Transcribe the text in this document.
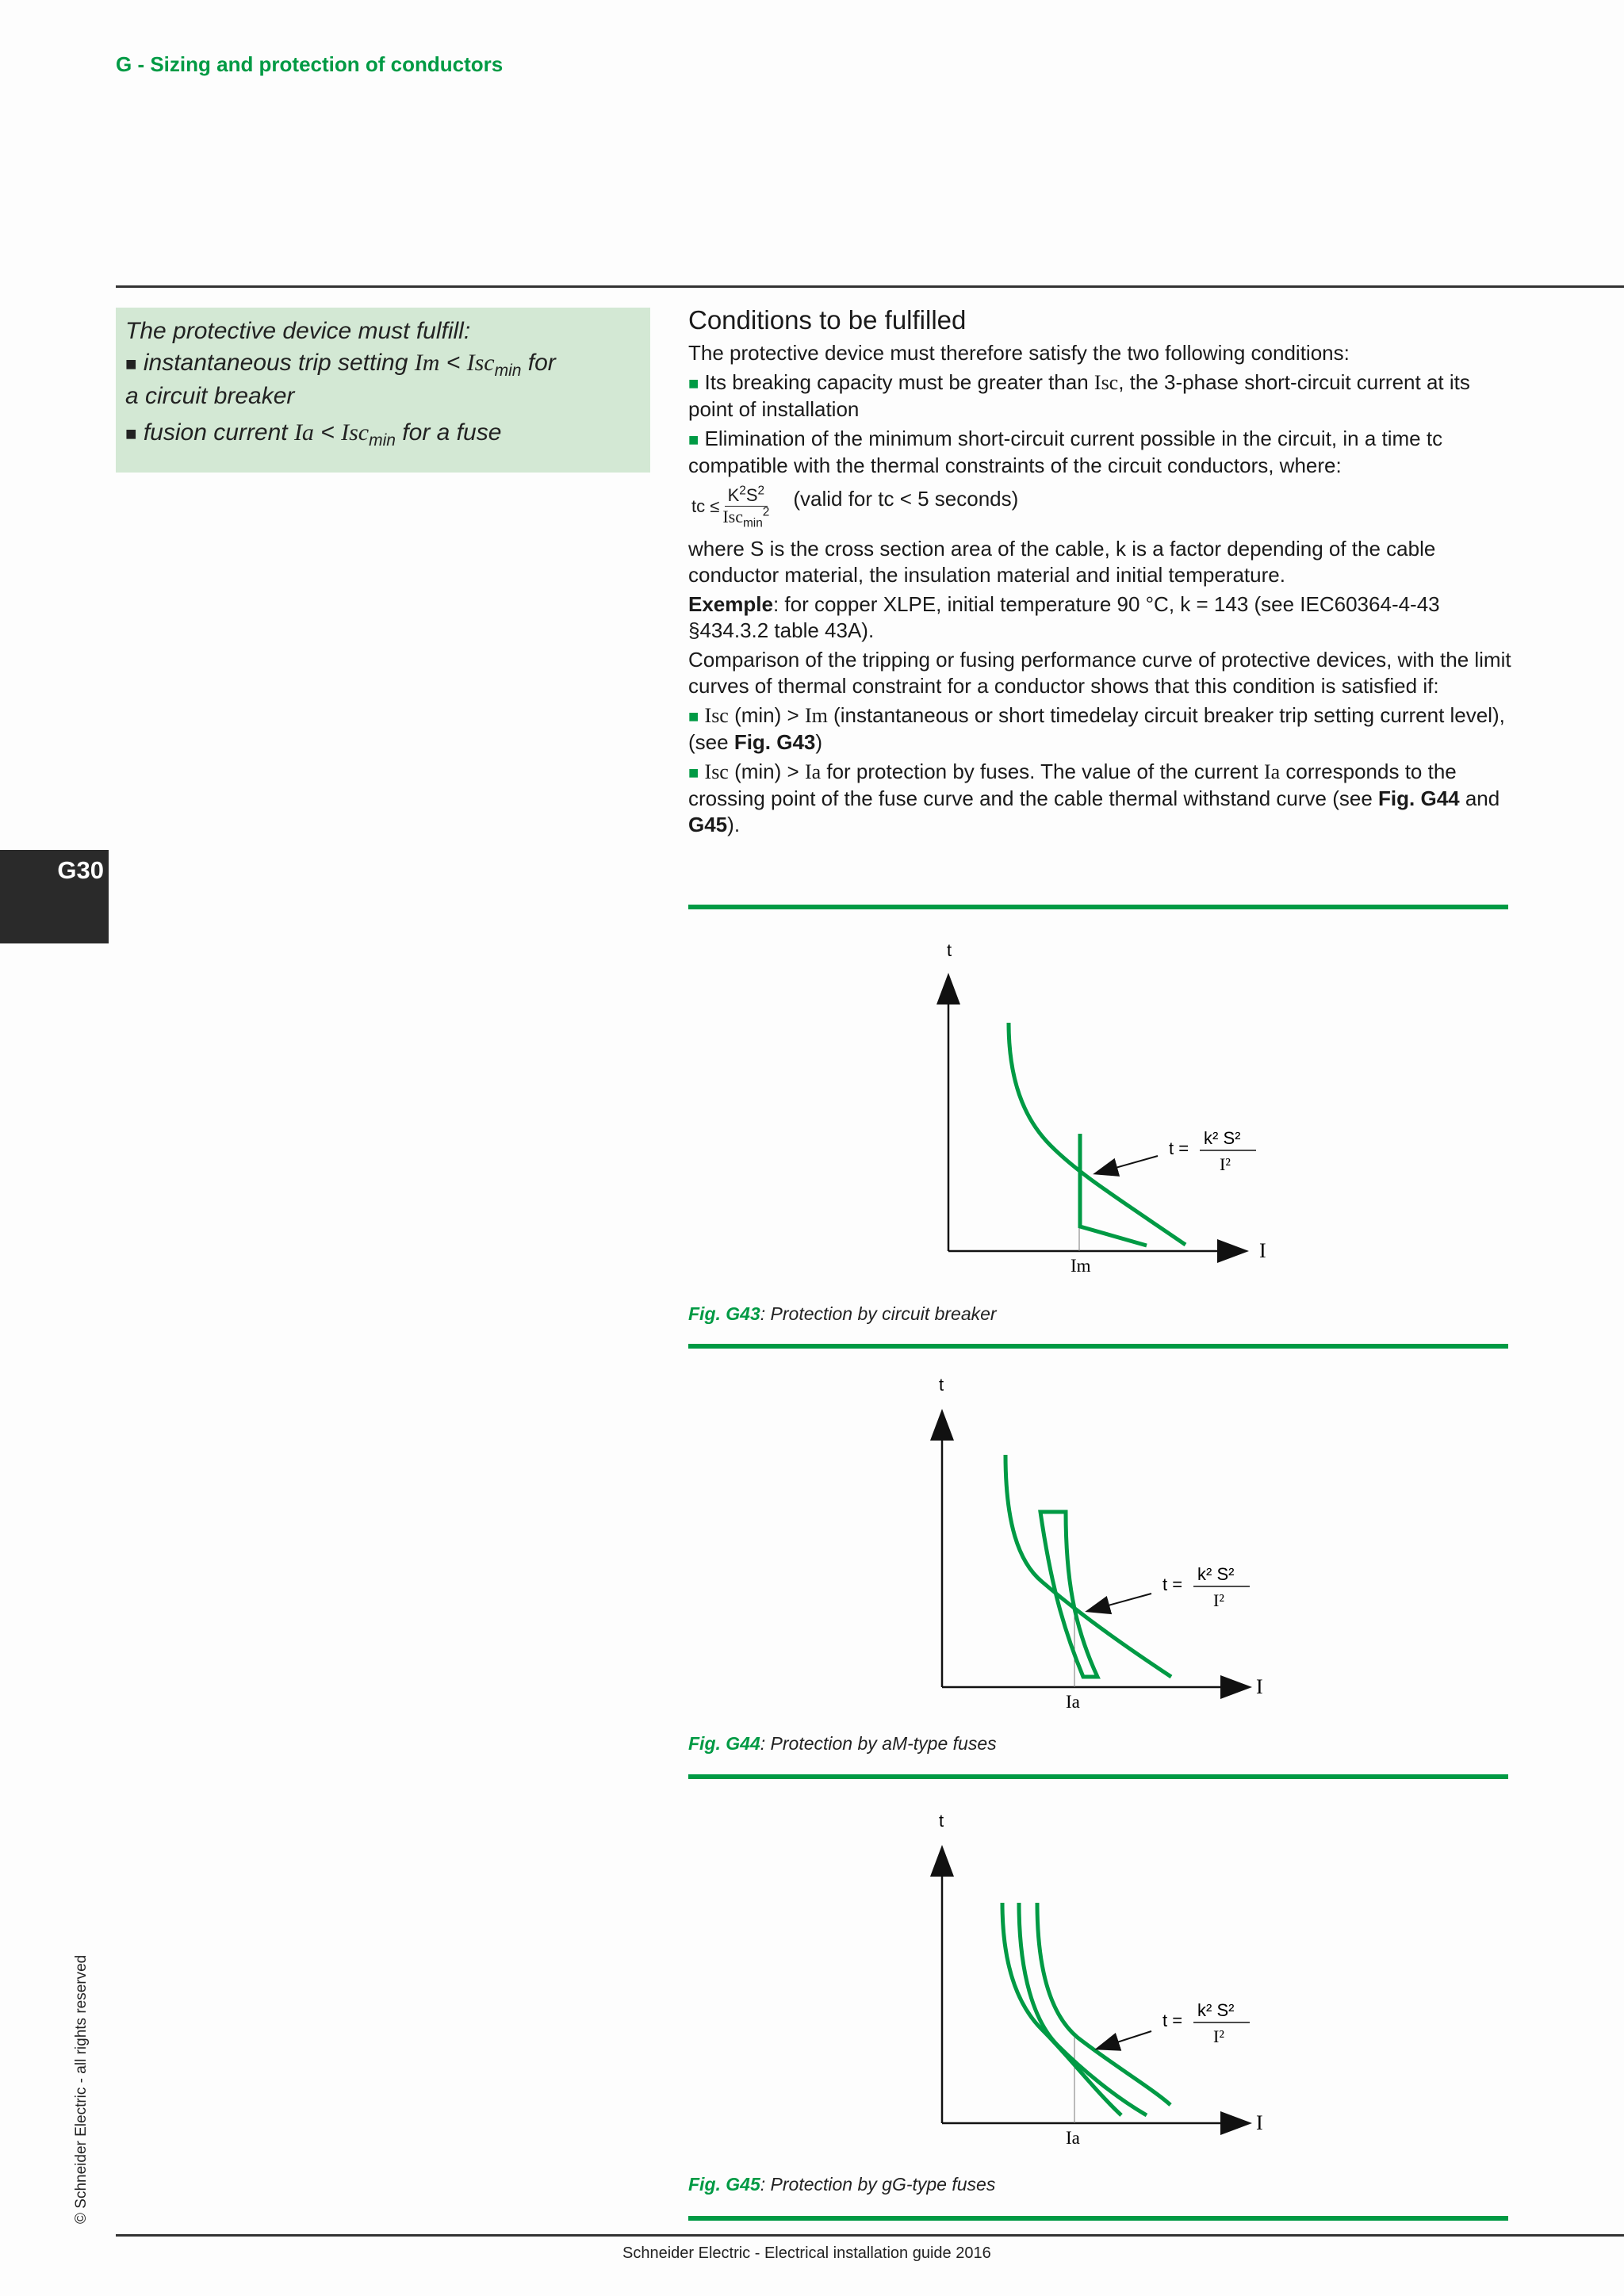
G - Sizing and protection of conductors

The protective device must fulfill:

■ instantaneous trip setting Im < Isc$_{min}$ for
a circuit breaker

■ fusion current Ia < Isc$_{min}$ for a fuse

Conditions to be fulfilled

The protective device must therefore satisfy the two following conditions:

■ Its breaking capacity must be greater than Isc, the 3-phase short-circuit current at its point of installation

■ Elimination of the minimum short-circuit current possible in the circuit, in a time tc compatible with the thermal constraints of the circuit conductors, where:

tc ≤ $\frac{K^2S^2}{Isc_{min}^2}$ (valid for tc < 5 seconds)

where S is the cross section area of the cable, k is a factor depending of the cable conductor material, the insulation material and initial temperature.

Exemple: for copper XLPE, initial temperature 90 °C, k = 143 (see IEC60364-4-43 §434.3.2 table 43A).

Comparison of the tripping or fusing performance curve of protective devices, with the limit curves of thermal constraint for a conductor shows that this condition is satisfied if:

■ Isc (min) > Im (instantaneous or short timedelay circuit breaker trip setting current level), (see Fig. G43)

■ Isc (min) > Ia for protection by fuses. The value of the current Ia corresponds to the crossing point of the fuse curve and the cable thermal withstand curve (see Fig. G44 and G45).

t
I
Im
t =
k² S²
I²
Fig. G43: Protection by circuit breaker
t
I
Ia
t =
k² S²
I²
Fig. G44: Protection by aM-type fuses
t
I
Ia
t =
k² S²
I²
Fig. G45: Protection by gG-type fuses
G30
© Schneider Electric - all rights reserved
Schneider Electric - Electrical installation guide 2016
